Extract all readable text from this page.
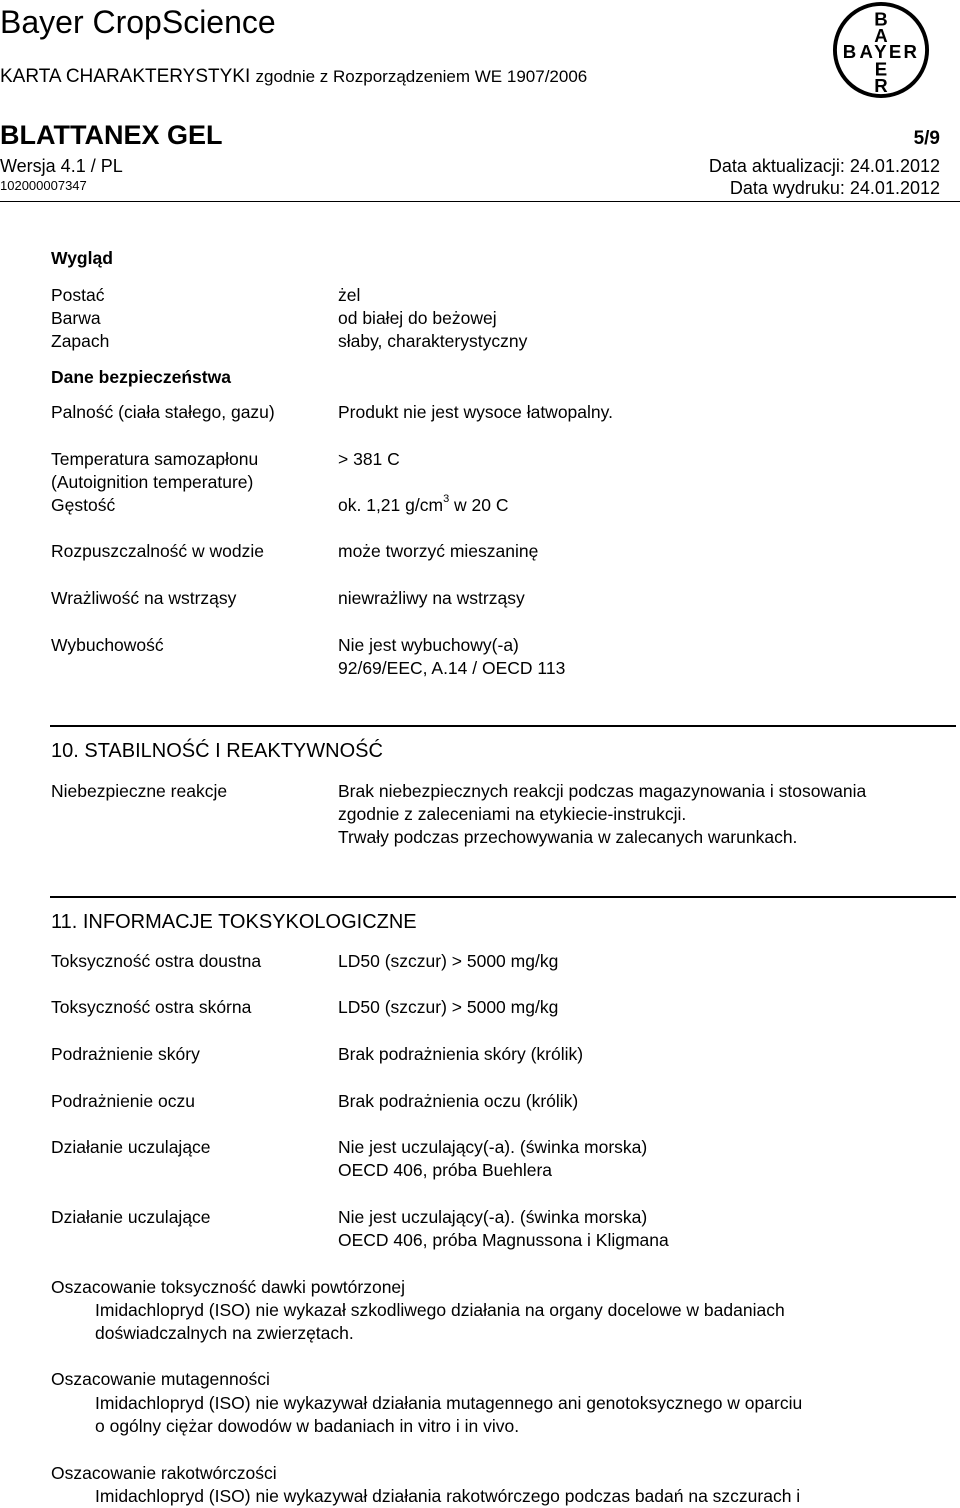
Bayer CropScience
KARTA CHARAKTERYSTYKI zgodnie z Rozporządzeniem WE 1907/2006
BLATTANEX GEL	5/9
Wersja 4.1 / PL
102000007347
Data aktualizacji: 24.01.2012
Data wydruku: 24.01.2012
B
A
B A Y E R
E
R
Wygląd
Postać	żel
Barwa	od białej do beżowej
Zapach	słaby, charakterystyczny
Dane bezpieczeństwa
Palność (ciała stałego, gazu)	Produkt nie jest wysoce łatwopalny.
Temperatura samozapłonu	> 381 C
(Autoignition temperature)
Gęstość	ok. 1,21 $g/cm^3$ w 20 C
Rozpuszczalność w wodzie	może tworzyć mieszaninę
Wrażliwość na wstrząsy	niewrażliwy na wstrząsy
Wybuchowość	Nie jest wybuchowy(-a)
92/69/EEC, A.14 / OECD 113
10. STABILNOŚĆ I REAKTYWNOŚĆ
Niebezpieczne reakcje	Brak niebezpiecznych reakcji podczas magazynowania i stosowania
zgodnie z zaleceniami na etykiecie-instrukcji.
Trwały podczas przechowywania w zalecanych warunkach.
11. INFORMACJE TOKSYKOLOGICZNE
Toksyczność ostra doustna	LD50 (szczur) > 5000 mg/kg
Toksyczność ostra skórna	LD50 (szczur) > 5000 mg/kg
Podrażnienie skóry	Brak podrażnienia skóry (królik)
Podrażnienie oczu	Brak podrażnienia oczu (królik)
Działanie uczulające	Nie jest uczulający(-a). (świnka morska)
OECD 406, próba Buehlera
Działanie uczulające	Nie jest uczulający(-a). (świnka morska)
OECD 406, próba Magnussona i Kligmana
Oszacowanie toksyczność dawki powtórzonej
Imidachlopryd (ISO) nie wykazał szkodliwego działania na organy docelowe w badaniach
doświadczalnych na zwierzętach.
Oszacowanie mutagenności
Imidachlopryd (ISO) nie wykazywał działania mutagennego ani genotoksycznego w oparciu
o ogólny ciężar dowodów w badaniach in vitro i in vivo.
Oszacowanie rakotwórczości
Imidachlopryd (ISO) nie wykazywał działania rakotwórczego podczas badań na szczurach i
